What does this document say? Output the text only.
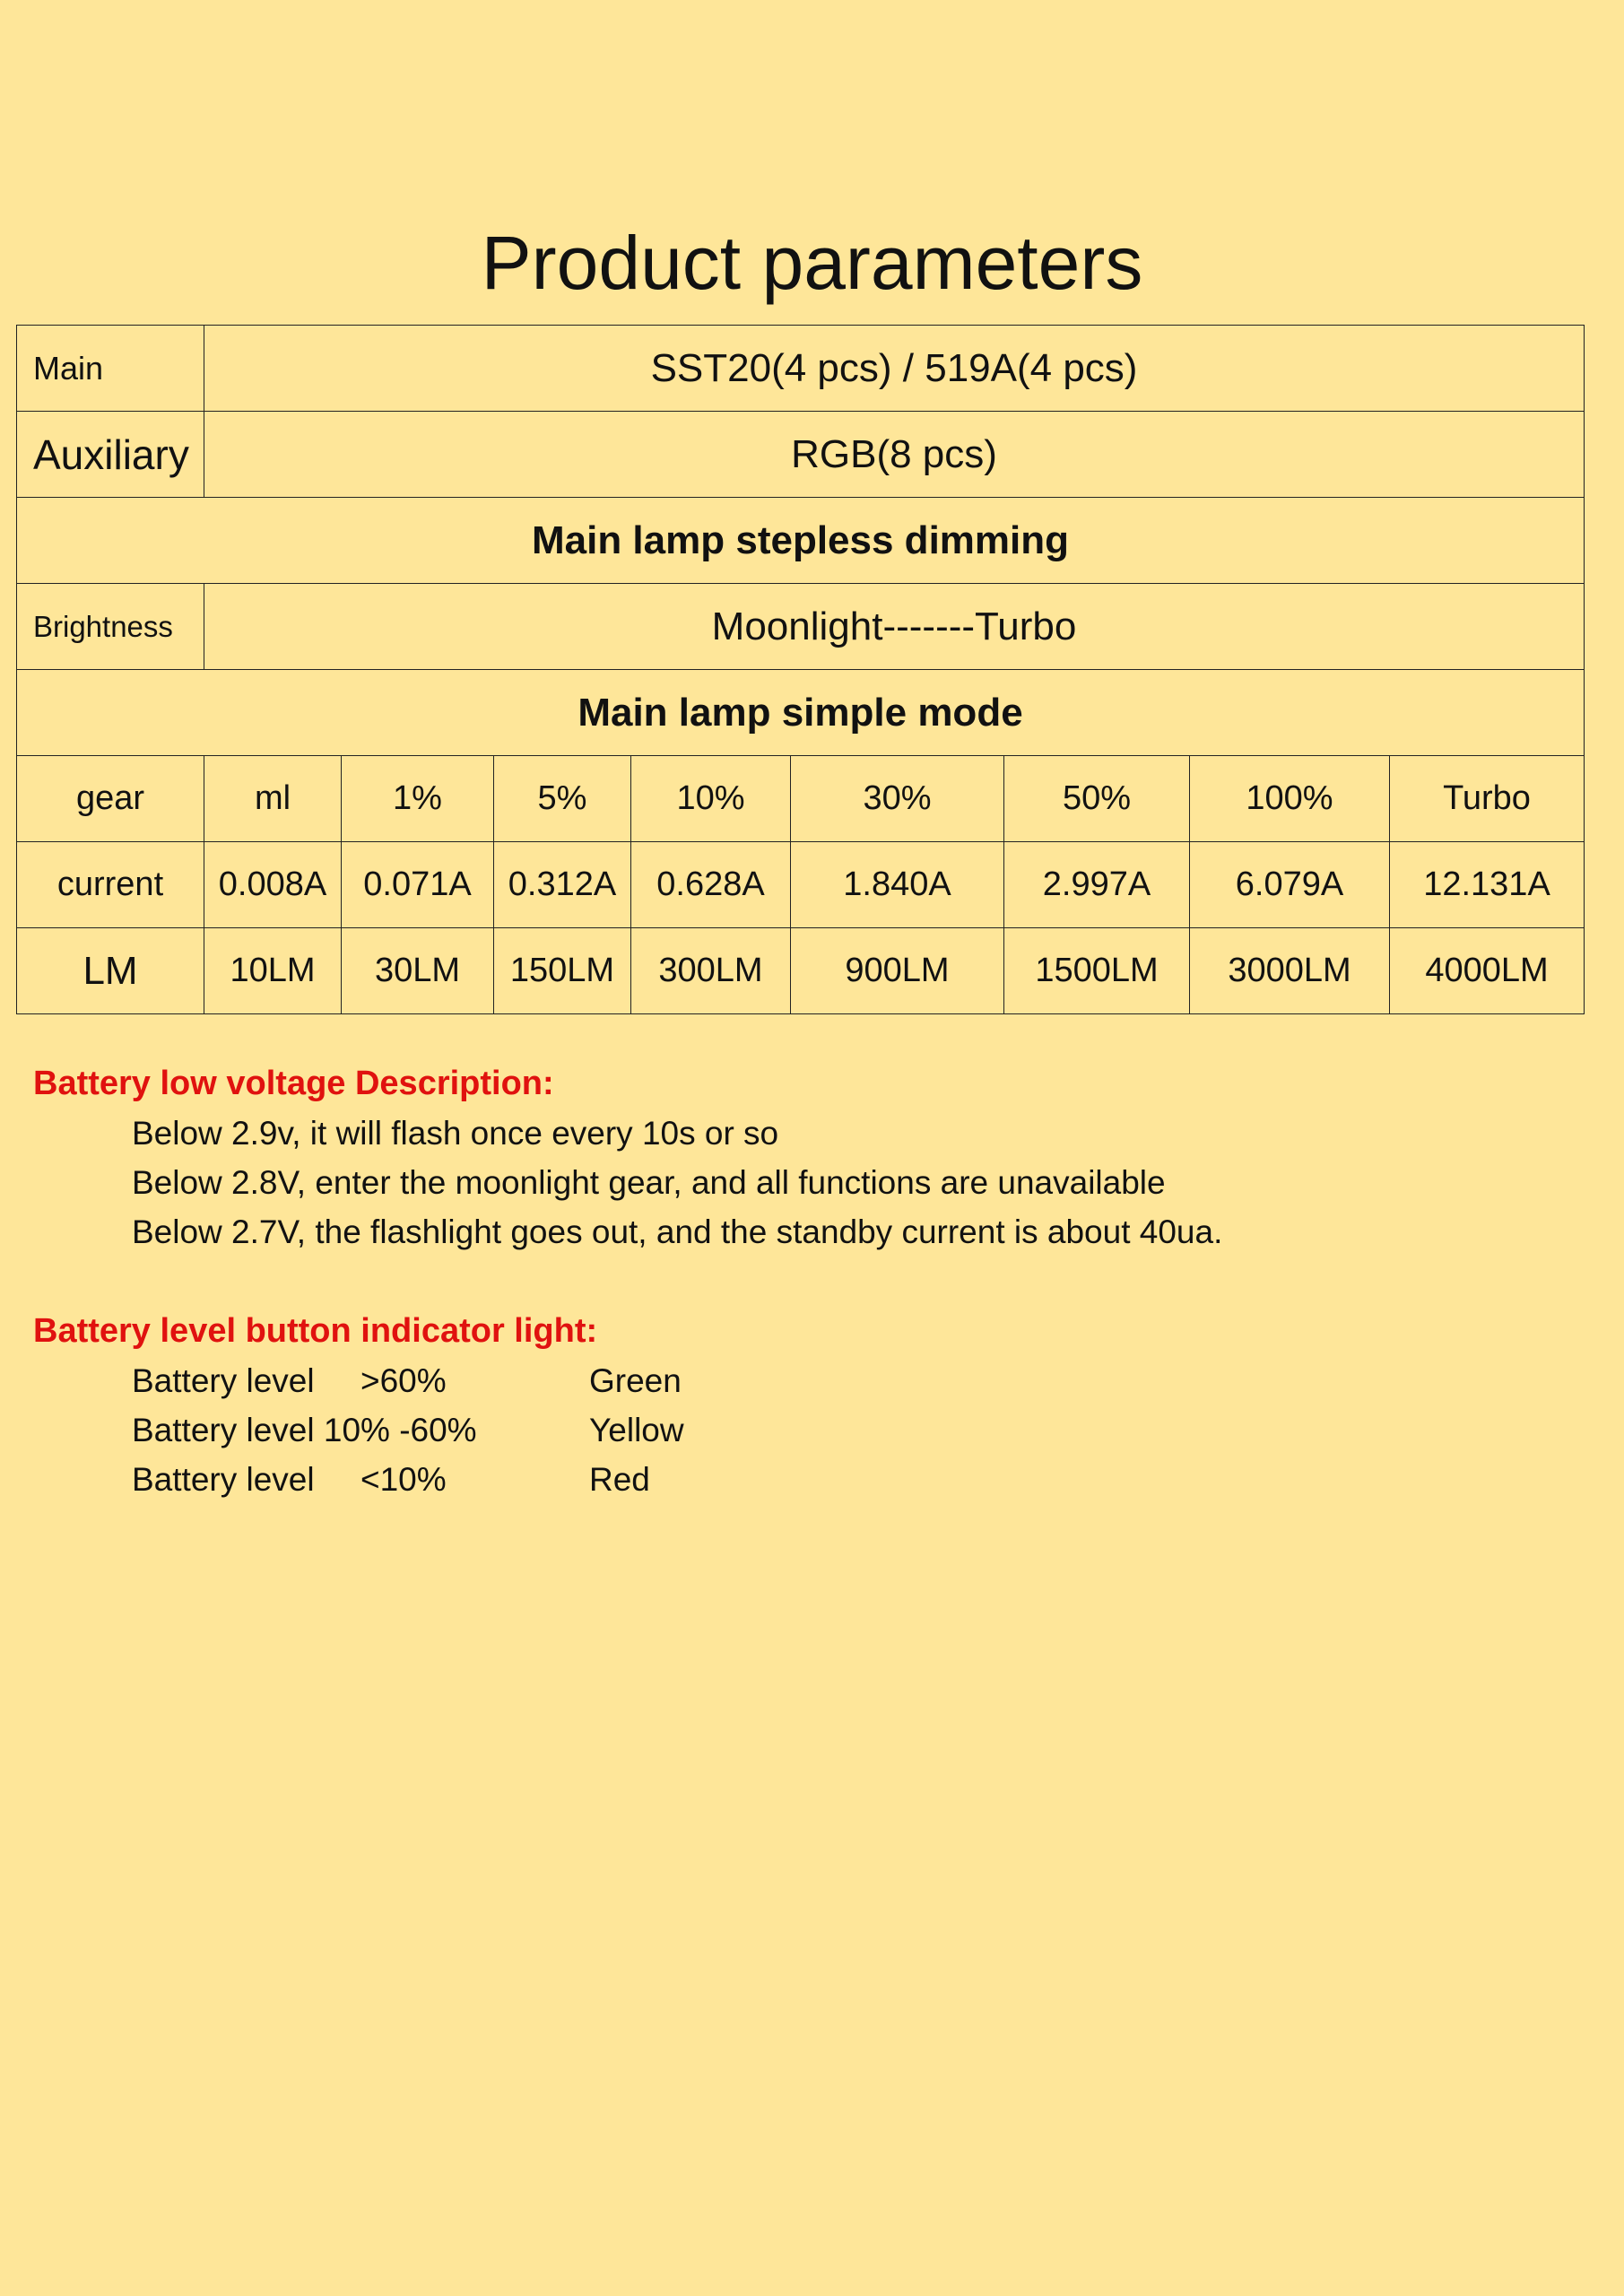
Product parameters
Main	SST20(4 pcs) / 519A(4 pcs)							
Auxiliary	RGB(8 pcs)							
Main lamp stepless dimming								
Brightness	Moonlight-------Turbo							
Main lamp simple mode								
gear	ml	1%	5%	10%	30%	50%	100%	Turbo
current	0.008A	0.071A	0.312A	0.628A	1.840A	2.997A	6.079A	12.131A
LM	10LM	30LM	150LM	300LM	900LM	1500LM	3000LM	4000LM
Battery low voltage Description:
Below 2.9v, it will flash once every 10s or so
Below 2.8V, enter the moonlight gear, and all functions are unavailable
Below 2.7V, the flashlight goes out, and the standby current is about 40ua.
Battery level button indicator light:
Battery level     >60%	Green
Battery level 10% -60%	Yellow
Battery level     <10%	Red
